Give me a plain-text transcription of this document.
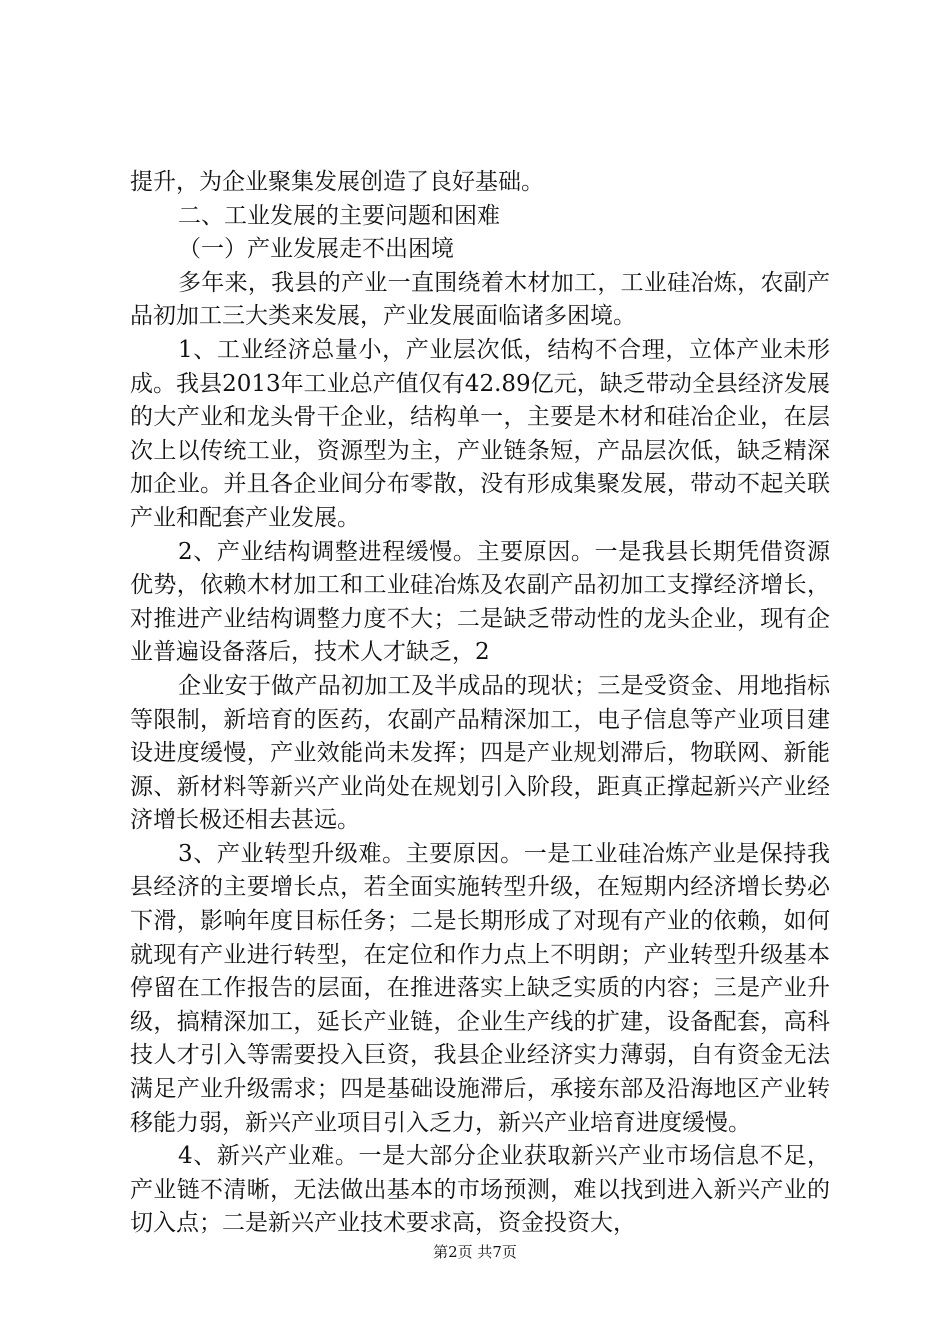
提升，为企业聚集发展创造了良好基础。

二、工业发展的主要问题和困难

（一）产业发展走不出困境

多年来，我县的产业一直围绕着木材加工，工业硅冶炼，农副产品初加工三大类来发展，产业发展面临诸多困境。

1、工业经济总量小，产业层次低，结构不合理，立体产业未形成。我县2013年工业总产值仅有42.89亿元，缺乏带动全县经济发展的大产业和龙头骨干企业，结构单一，主要是木材和硅冶企业，在层次上以传统工业，资源型为主，产业链条短，产品层次低，缺乏精深加企业。并且各企业间分布零散，没有形成集聚发展，带动不起关联产业和配套产业发展。

2、产业结构调整进程缓慢。主要原因。一是我县长期凭借资源优势，依赖木材加工和工业硅冶炼及农副产品初加工支撑经济增长，对推进产业结构调整力度不大；二是缺乏带动性的龙头企业，现有企业普遍设备落后，技术人才缺乏，2

企业安于做产品初加工及半成品的现状；三是受资金、用地指标等限制，新培育的医药，农副产品精深加工，电子信息等产业项目建设进度缓慢，产业效能尚未发挥；四是产业规划滞后，物联网、新能源、新材料等新兴产业尚处在规划引入阶段，距真正撑起新兴产业经济增长极还相去甚远。

3、产业转型升级难。主要原因。一是工业硅冶炼产业是保持我县经济的主要增长点，若全面实施转型升级，在短期内经济增长势必下滑，影响年度目标任务；二是长期形成了对现有产业的依赖，如何就现有产业进行转型，在定位和作力点上不明朗；产业转型升级基本停留在工作报告的层面，在推进落实上缺乏实质的内容；三是产业升级，搞精深加工，延长产业链，企业生产线的扩建，设备配套，高科技人才引入等需要投入巨资，我县企业经济实力薄弱，自有资金无法满足产业升级需求；四是基础设施滞后，承接东部及沿海地区产业转移能力弱，新兴产业项目引入乏力，新兴产业培育进度缓慢。

4、新兴产业难。一是大部分企业获取新兴产业市场信息不足，产业链不清晰，无法做出基本的市场预测，难以找到进入新兴产业的切入点；二是新兴产业技术要求高，资金投资大，

第2页 共7页
